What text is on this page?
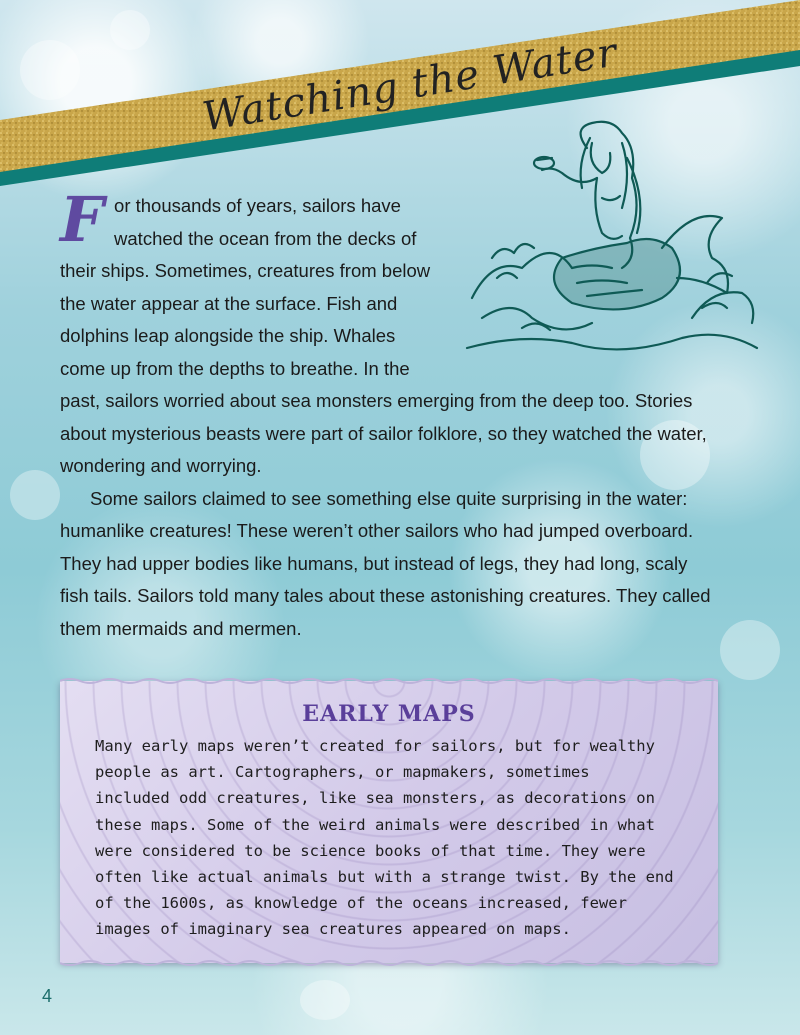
Watching the Water

F or thousands of years, sailors have watched the ocean from the decks of their ships. Sometimes, creatures from below the water appear at the surface. Fish and dolphins leap alongside the ship. Whales come up from the depths to breathe. In the

past, sailors worried about sea monsters emerging from the deep too. Stories about mysterious beasts were part of sailor folklore, so they watched the water, wondering and worrying.

Some sailors claimed to see something else quite surprising in the water: humanlike creatures! These weren’t other sailors who had jumped overboard. They had upper bodies like humans, but instead of legs, they had long, scaly fish tails. Sailors told many tales about these astonishing creatures. They called them mermaids and mermen.

EARLY MAPS
Many early maps weren’t created for sailors, but for wealthy
people as art. Cartographers, or mapmakers, sometimes
included odd creatures, like sea monsters, as decorations on
these maps. Some of the weird animals were described in what
were considered to be science books of that time. They were
often like actual animals but with a strange twist. By the end
of the 1600s, as knowledge of the oceans increased, fewer
images of imaginary sea creatures appeared on maps.
4
